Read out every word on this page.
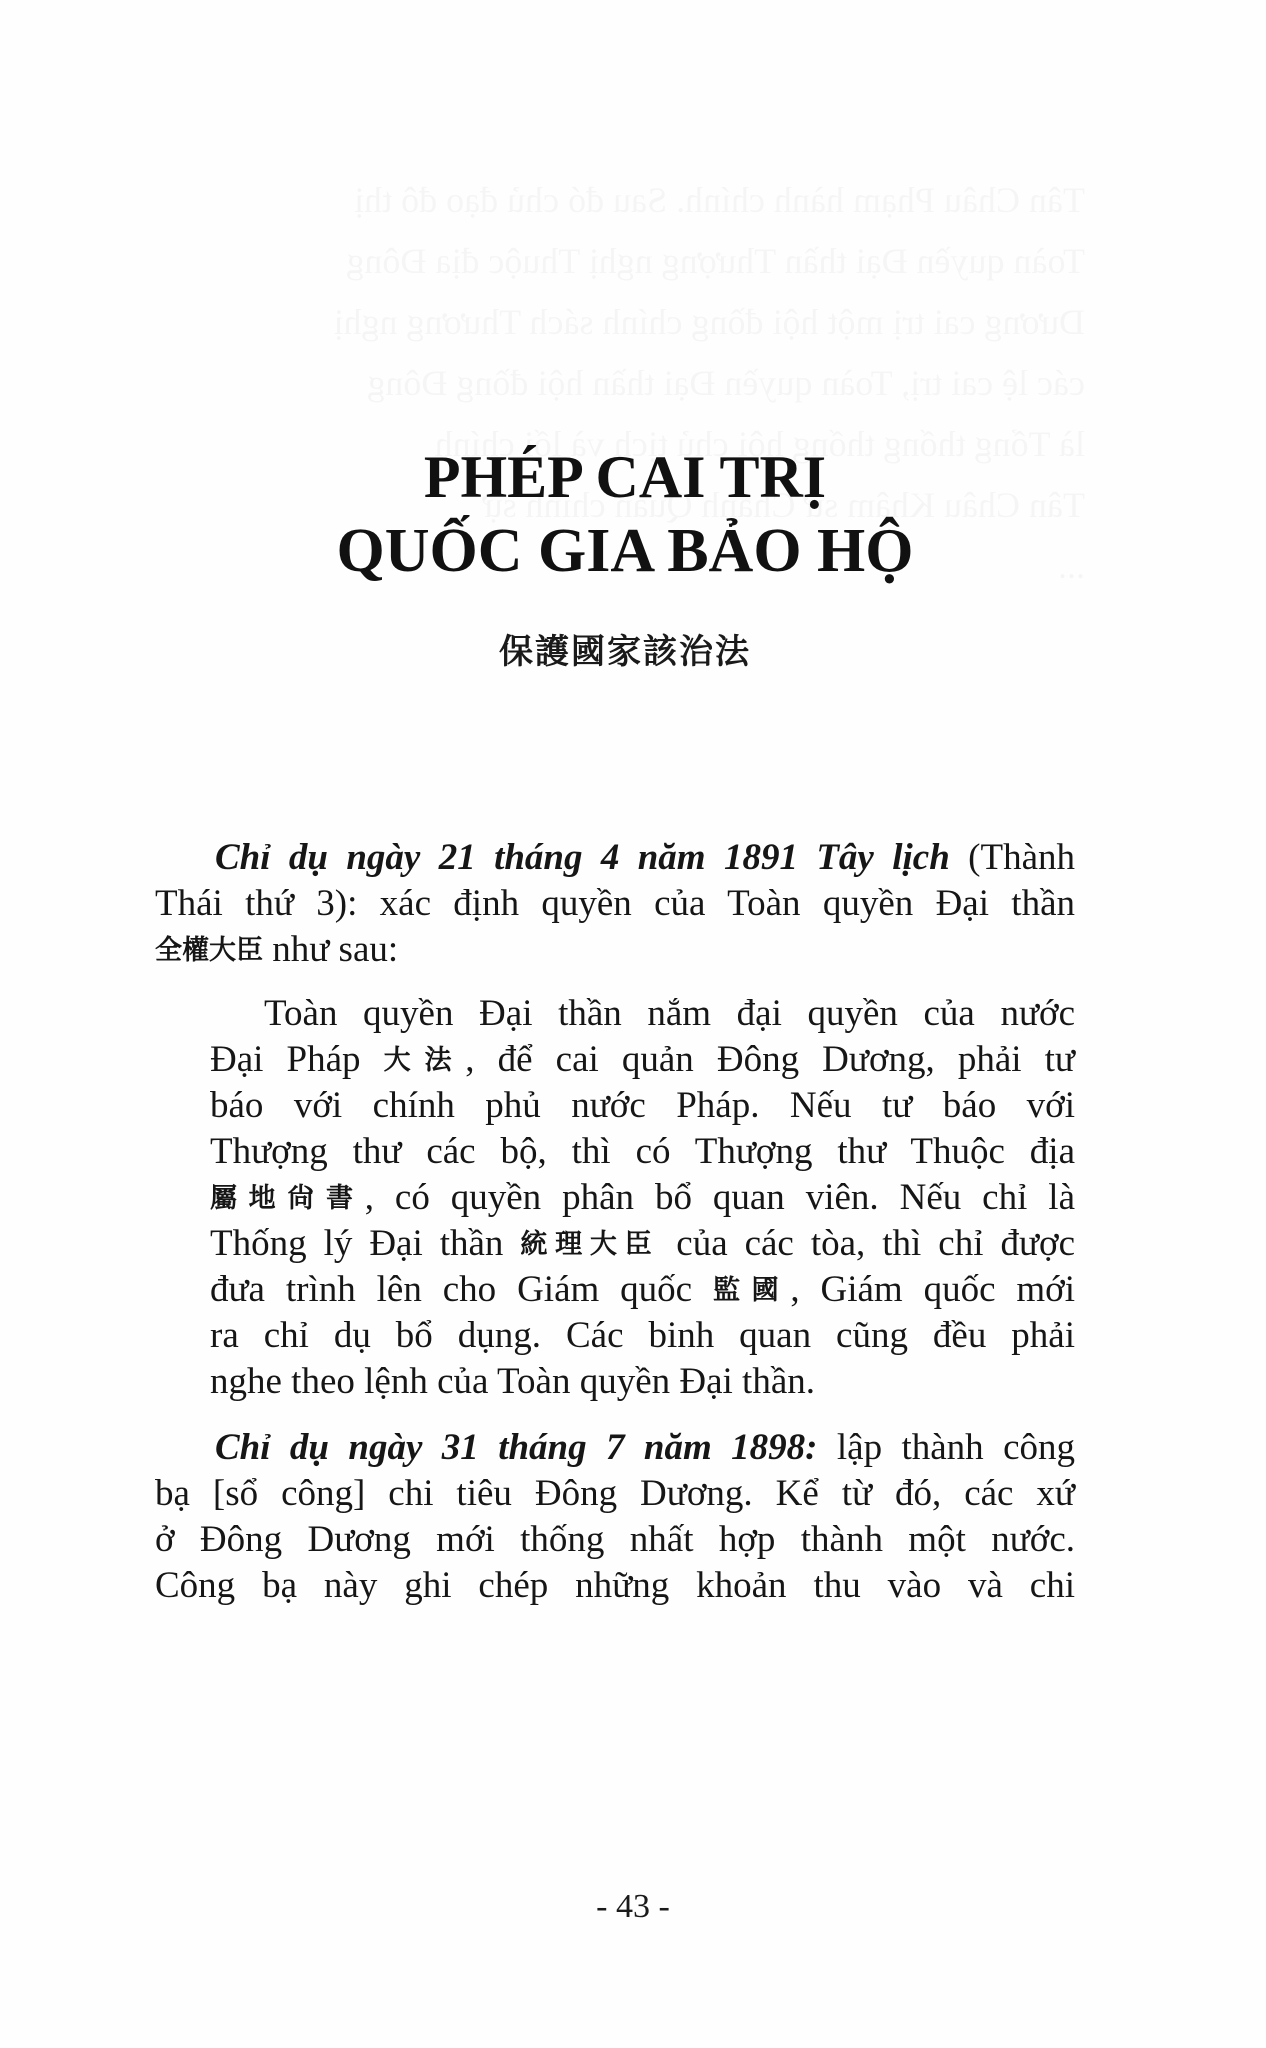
PHÉP CAI TRỊ
QUỐC GIA BẢO HỘ
保護國家該治法
Chỉ dụ ngày 21 tháng 4 năm 1891 Tây lịch (Thành
Thái thứ 3): xác định quyền của Toàn quyền Đại thần
全權大臣 như sau:
Toàn quyền Đại thần nắm đại quyền của nước
Đại Pháp 大法, để cai quản Đông Dương, phải tư
báo với chính phủ nước Pháp. Nếu tư báo với
Thượng thư các bộ, thì có Thượng thư Thuộc địa
屬地尙書, có quyền phân bổ quan viên. Nếu chỉ là
Thống lý Đại thần 統理大臣 của các tòa, thì chỉ được
đưa trình lên cho Giám quốc 監國, Giám quốc mới
ra chỉ dụ bổ dụng. Các binh quan cũng đều phải
nghe theo lệnh của Toàn quyền Đại thần.
Chỉ dụ ngày 31 tháng 7 năm 1898: lập thành công
bạ [sổ công] chi tiêu Đông Dương. Kể từ đó, các xứ
ở Đông Dương mới thống nhất hợp thành một nước.
Công bạ này ghi chép những khoản thu vào và chi
- 43 -
